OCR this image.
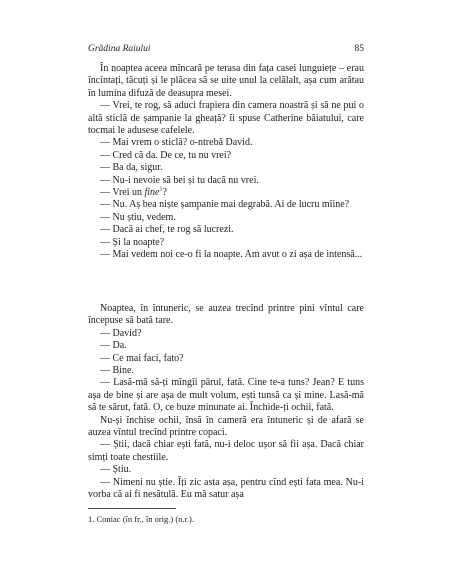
Grădina Raiului	85

În noaptea aceea mîncară pe terasa din fața casei lunguiețe – erau încîntați, tăcuți și le plăcea să se uite unul la celălalt, așa cum arătau în lumina difuză de deasupra mesei.

— Vrei, te rog, să aduci frapiera din camera noastră și să ne pui o altă sticlă de șampanie la gheață? îi spuse Catherine băiatului, care tocmai le adusese cafelele.

— Mai vrem o sticlă? o-ntrebă David.

— Cred că da. De ce, tu nu vrei?

— Ba da, sigur.

— Nu-i nevoie să bei și tu dacă nu vrei.

— Vrei un fine$^1$?

— Nu. Aș bea niște șampanie mai degrabă. Ai de lucru mîine?

— Nu știu, vedem.

— Dacă ai chef, te rog să lucrezi.

— Și la noapte?

— Mai vedem noi ce-o fi la noapte. Am avut o zi așa de intensă...

Noaptea, în întuneric, se auzea trecînd printre pini vîntul care începuse să bată tare.

— David?

— Da.

— Ce mai faci, fato?

— Bine.

— Lasă-mă să-ți mîngîi părul, fată. Cine te-a tuns? Jean? E tuns așa de bine și are așa de mult volum, ești tunsă ca și mine. Lasă-mă să te sărut, fată. O, ce buze minunate ai. Închide-ți ochii, fată.

Nu-și închise ochii, însă în cameră era întuneric și de afară se auzea vîntul trecînd printre copaci.

— Știi, dacă chiar ești fată, nu-i deloc ușor să fii așa. Dacă chiar simți toate chestiile.

— Știu.

— Nimeni nu știe. Îți zic asta așa, pentru cînd ești fata mea. Nu-i vorba că ai fi nesătulă. Eu mă satur așa

1. Coniac (în fr., în orig.) (n.r.).
